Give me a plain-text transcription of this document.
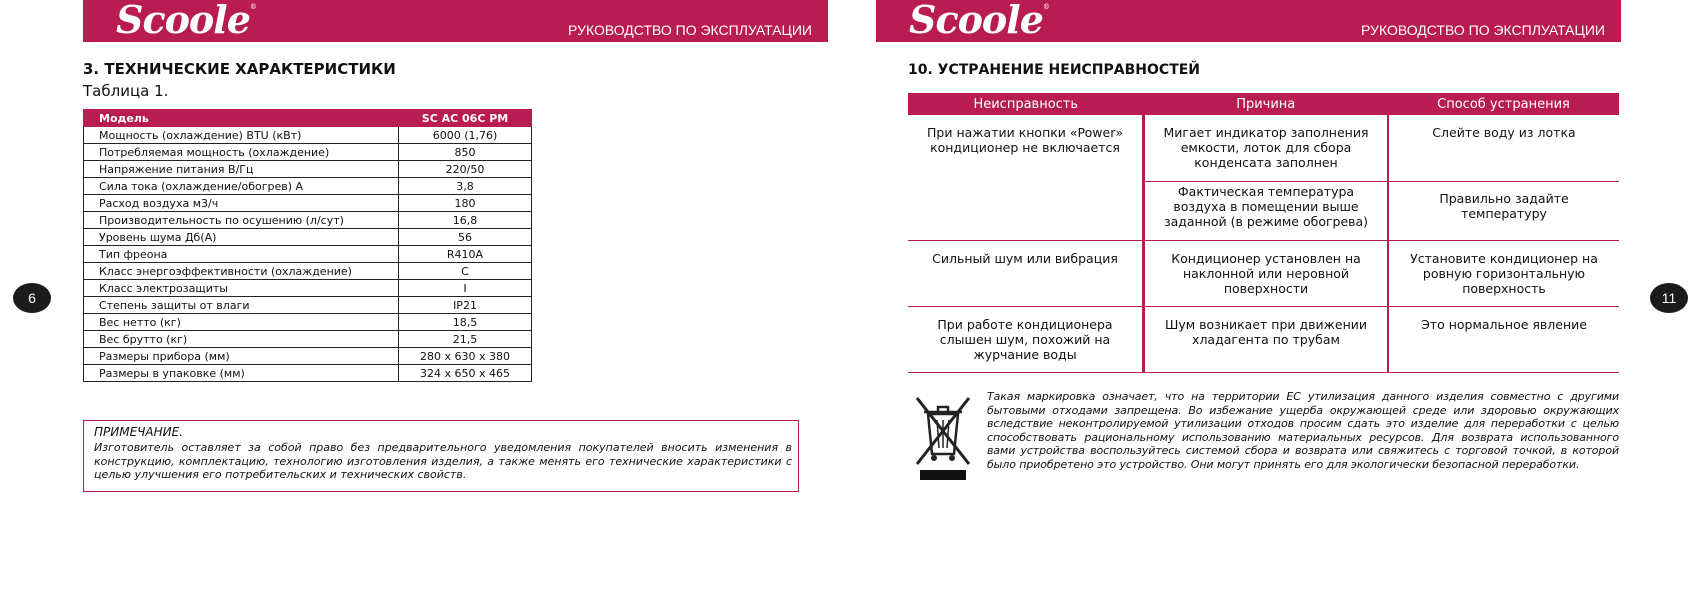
Scoole®
РУКОВОДСТВО ПО ЭКСПЛУАТАЦИИ
6
3. ТЕХНИЧЕСКИЕ ХАРАКТЕРИСТИКИ
Таблица 1.
Модель	SC AC 06C PM
Мощность (охлаждение) BTU (кВт)	6000 (1,76)
Потребляемая мощность (охлаждение)	850
Напряжение питания В/Гц	220/50
Сила тока (охлаждение/обогрев) А	3,8
Расход воздуха м3/ч	180
Производительность по осушению (л/сут)	16,8
Уровень шума Дб(А)	56
Тип фреона	R410A
Класс энергоэффективности (охлаждение)	C
Класс электрозащиты	I
Степень защиты от влаги	IP21
Вес нетто (кг)	18,5
Вес брутто (кг)	21,5
Размеры прибора (мм)	280 x 630 x 380
Размеры в упаковке (мм)	324 x 650 x 465
ПРИМЕЧАНИЕ.
Изготовитель оставляет за собой право без предварительного уведомления покупателей вносить изменения в конструкцию, комплектацию, технологию изготовления изделия, а также менять его технические характеристики с целью улучшения его потребительских и технических свойств.
Scoole®
РУКОВОДСТВО ПО ЭКСПЛУАТАЦИИ
11
10. УСТРАНЕНИЕ НЕИСПРАВНОСТЕЙ
Неисправность	Причина	Способ устранения
При нажатии кнопки «Power» кондиционер не включается	Мигает индикатор заполнения емкости, лоток для сбора конденсата заполнен	Слейте воду из лотка
	Фактическая температура воздуха в помещении выше заданной (в режиме обогрева)	Правильно задайте температуру
Сильный шум или вибрация	Кондиционер установлен на наклонной или неровной поверхности	Установите кондиционер на ровную горизонтальную поверхность
При работе кондиционера слышен шум, похожий на журчание воды	Шум возникает при движении хладагента по трубам	Это нормальное явление
Такая маркировка означает, что на территории ЕС утилизация данного изделия совместно с другими бытовыми отходами запрещена. Во избежание ущерба окружающей среде или здоровью окружающих вследствие неконтролируемой утилизации отходов просим сдать это изделие для переработки с целью способствовать рациональному использованию материальных ресурсов. Для возврата использованного вами устройства воспользуйтесь системой сбора и возврата или свяжитесь с торговой точкой, в которой было приобретено это устройство. Они могут принять его для экологически безопасной переработки.
